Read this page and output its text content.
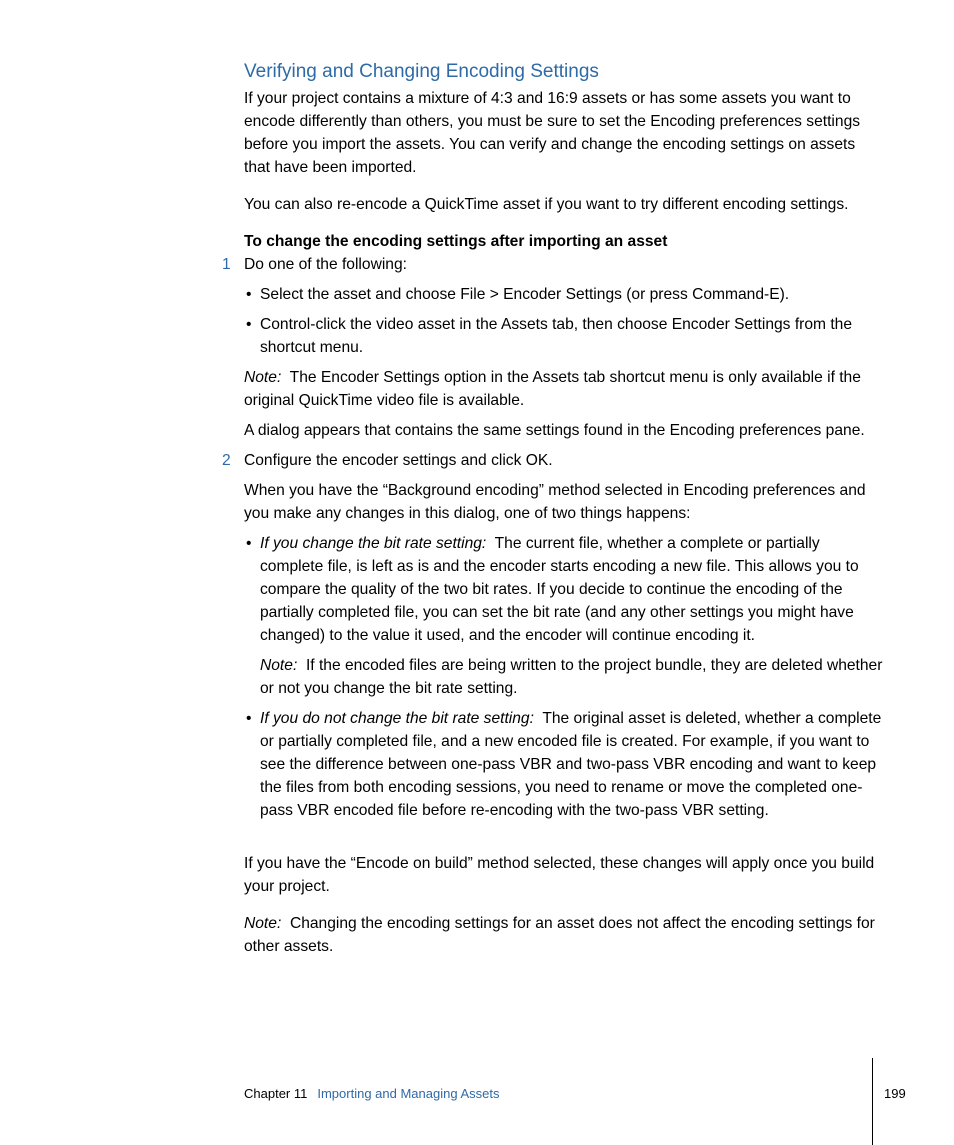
Verifying and Changing Encoding Settings

If your project contains a mixture of 4:3 and 16:9 assets or has some assets you want to encode differently than others, you must be sure to set the Encoding preferences settings before you import the assets. You can verify and change the encoding settings on assets that have been imported.

You can also re-encode a QuickTime asset if you want to try different encoding settings.

To change the encoding settings after importing an asset

1 Do one of the following:

• Select the asset and choose File > Encoder Settings (or press Command-E).
• Control-click the video asset in the Assets tab, then choose Encoder Settings from the shortcut menu.

Note: The Encoder Settings option in the Assets tab shortcut menu is only available if the original QuickTime video file is available.

A dialog appears that contains the same settings found in the Encoding preferences pane.

2 Configure the encoder settings and click OK.

When you have the “Background encoding” method selected in Encoding preferences and you make any changes in this dialog, one of two things happens:

• If you change the bit rate setting: The current file, whether a complete or partially complete file, is left as is and the encoder starts encoding a new file. This allows you to compare the quality of the two bit rates. If you decide to continue the encoding of the partially completed file, you can set the bit rate (and any other settings you might have changed) to the value it used, and the encoder will continue encoding it.

Note: If the encoded files are being written to the project bundle, they are deleted whether or not you change the bit rate setting.

• If you do not change the bit rate setting: The original asset is deleted, whether a complete or partially completed file, and a new encoded file is created. For example, if you want to see the difference between one-pass VBR and two-pass VBR encoding and want to keep the files from both encoding sessions, you need to rename or move the completed one-pass VBR encoded file before re-encoding with the two-pass VBR setting.

If you have the “Encode on build” method selected, these changes will apply once you build your project.

Note: Changing the encoding settings for an asset does not affect the encoding settings for other assets.

Chapter 11 Importing and Managing Assets	199
